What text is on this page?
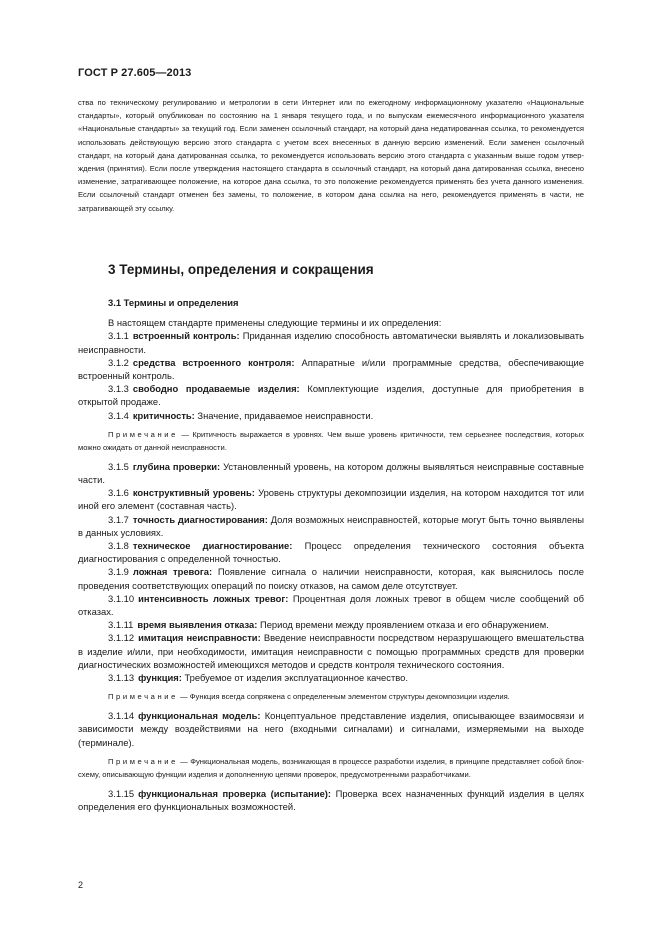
ГОСТ Р 27.605—2013
ства по техническому регулированию и метрологии в сети Интернет или по ежегодному информационному указателю «Национальные стандарты», который опубликован по состоянию на 1 января текущего года, и по выпускам ежемесячного информационного указателя «Национальные стандарты» за текущий год. Если заменен ссылочный стандарт, на который дана недатированная ссылка, то рекомендуется использовать действующую версию этого стандарта с учетом всех внесенных в данную версию изменений. Если заменен ссылочный стандарт, на который дана датированная ссылка, то рекомендуется использовать версию этого стандарта с указанным выше годом утверждения (принятия). Если после утверждения настоящего стандарта в ссылочный стандарт, на который дана датированная ссылка, внесено изменение, затрагивающее положение, на которое дана ссылка, то это положение рекомендуется применять без учета данного изменения. Если ссылочный стандарт отменен без замены, то положение, в котором дана ссылка на него, рекомендуется применять в части, не затрагивающей эту ссылку.
3 Термины, определения и сокращения

3.1 Термины и определения

В настоящем стандарте применены следующие термины и их определения:

3.1.1 встроенный контроль: Приданная изделию способность автоматически выявлять и локализовывать неисправности.

3.1.2 средства встроенного контроля: Аппаратные и/или программные средства, обеспечивающие встроенный контроль.

3.1.3 свободно продаваемые изделия: Комплектующие изделия, доступные для приобретения в открытой продаже.

3.1.4 критичность: Значение, придаваемое неисправности.

Примечание — Критичность выражается в уровнях. Чем выше уровень критичности, тем серьезнее последствия, которых можно ожидать от данной неисправности.

3.1.5 глубина проверки: Установленный уровень, на котором должны выявляться неисправные составные части.

3.1.6 конструктивный уровень: Уровень структуры декомпозиции изделия, на котором находится тот или иной его элемент (составная часть).

3.1.7 точность диагностирования: Доля возможных неисправностей, которые могут быть точно выявлены в данных условиях.

3.1.8 техническое диагностирование: Процесс определения технического состояния объекта диагностирования с определенной точностью.

3.1.9 ложная тревога: Появление сигнала о наличии неисправности, которая, как выяснилось после проведения соответствующих операций по поиску отказов, на самом деле отсутствует.

3.1.10 интенсивность ложных тревог: Процентная доля ложных тревог в общем числе сообщений об отказах.

3.1.11 время выявления отказа: Период времени между проявлением отказа и его обнаружением.

3.1.12 имитация неисправности: Введение неисправности посредством неразрушающего вмешательства в изделие и/или, при необходимости, имитация неисправности с помощью программных средств для проверки диагностических возможностей имеющихся методов и средств контроля технического состояния.

3.1.13 функция: Требуемое от изделия эксплуатационное качество.

Примечание — Функция всегда сопряжена с определенным элементом структуры декомпозиции изделия.

3.1.14 функциональная модель: Концептуальное представление изделия, описывающее взаимосвязи и зависимости между воздействиями на него (входными сигналами) и сигналами, измеряемыми на выходе (терминале).

Примечание — Функциональная модель, возникающая в процессе разработки изделия, в принципе представляет собой блок-схему, описывающую функции изделия и дополненную цепями проверок, предусмотренными разработчиками.

3.1.15 функциональная проверка (испытание): Проверка всех назначенных функций изделия в целях определения его функциональных возможностей.

2
